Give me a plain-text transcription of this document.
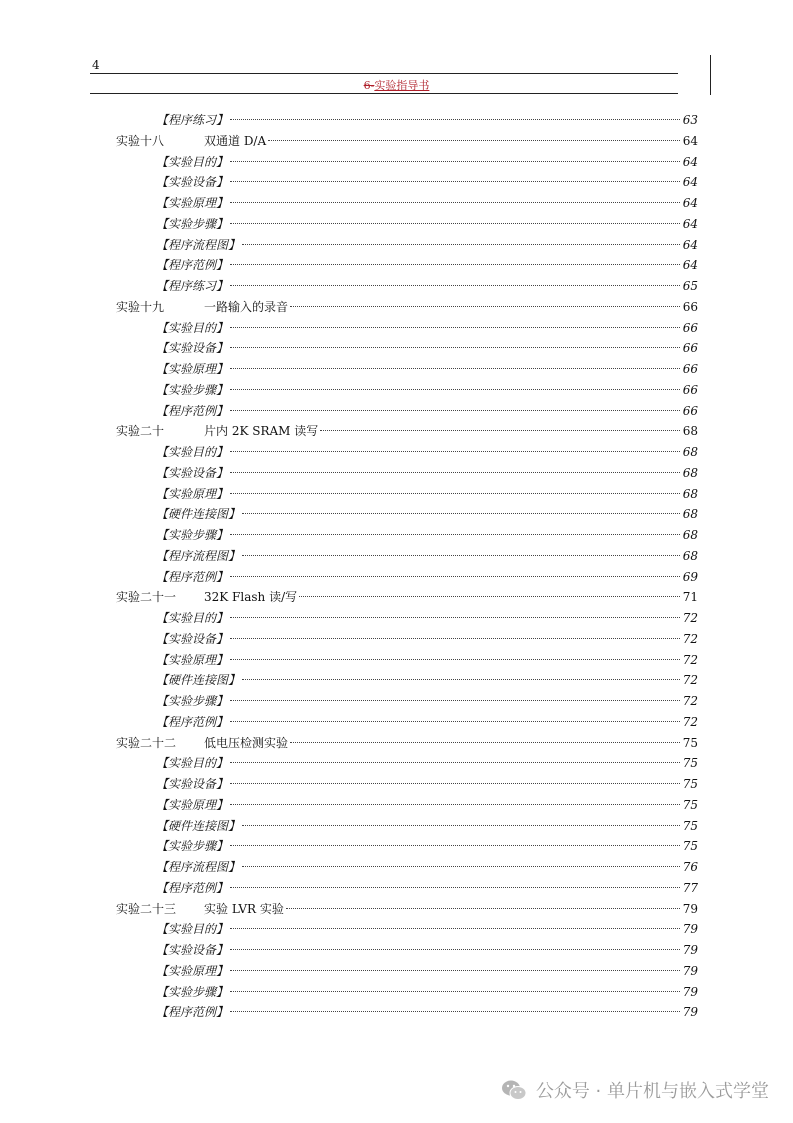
4
6-实验指导书
【程序练习】	63
实验十八	双通道 D/A	64
【实验目的】	64
【实验设备】	64
【实验原理】	64
【实验步骤】	64
【程序流程图】	64
【程序范例】	64
【程序练习】	65
实验十九	一路输入的录音	66
【实验目的】	66
【实验设备】	66
【实验原理】	66
【实验步骤】	66
【程序范例】	66
实验二十	片内 2K SRAM 读写	68
【实验目的】	68
【实验设备】	68
【实验原理】	68
【硬件连接图】	68
【实验步骤】	68
【程序流程图】	68
【程序范例】	69
实验二十一	32K Flash 读/写	71
【实验目的】	72
【实验设备】	72
【实验原理】	72
【硬件连接图】	72
【实验步骤】	72
【程序范例】	72
实验二十二	低电压检测实验	75
【实验目的】	75
【实验设备】	75
【实验原理】	75
【硬件连接图】	75
【实验步骤】	75
【程序流程图】	76
【程序范例】	77
实验二十三	实验 LVR 实验	79
【实验目的】	79
【实验设备】	79
【实验原理】	79
【实验步骤】	79
【程序范例】	79
公众号 · 单片机与嵌入式学堂
